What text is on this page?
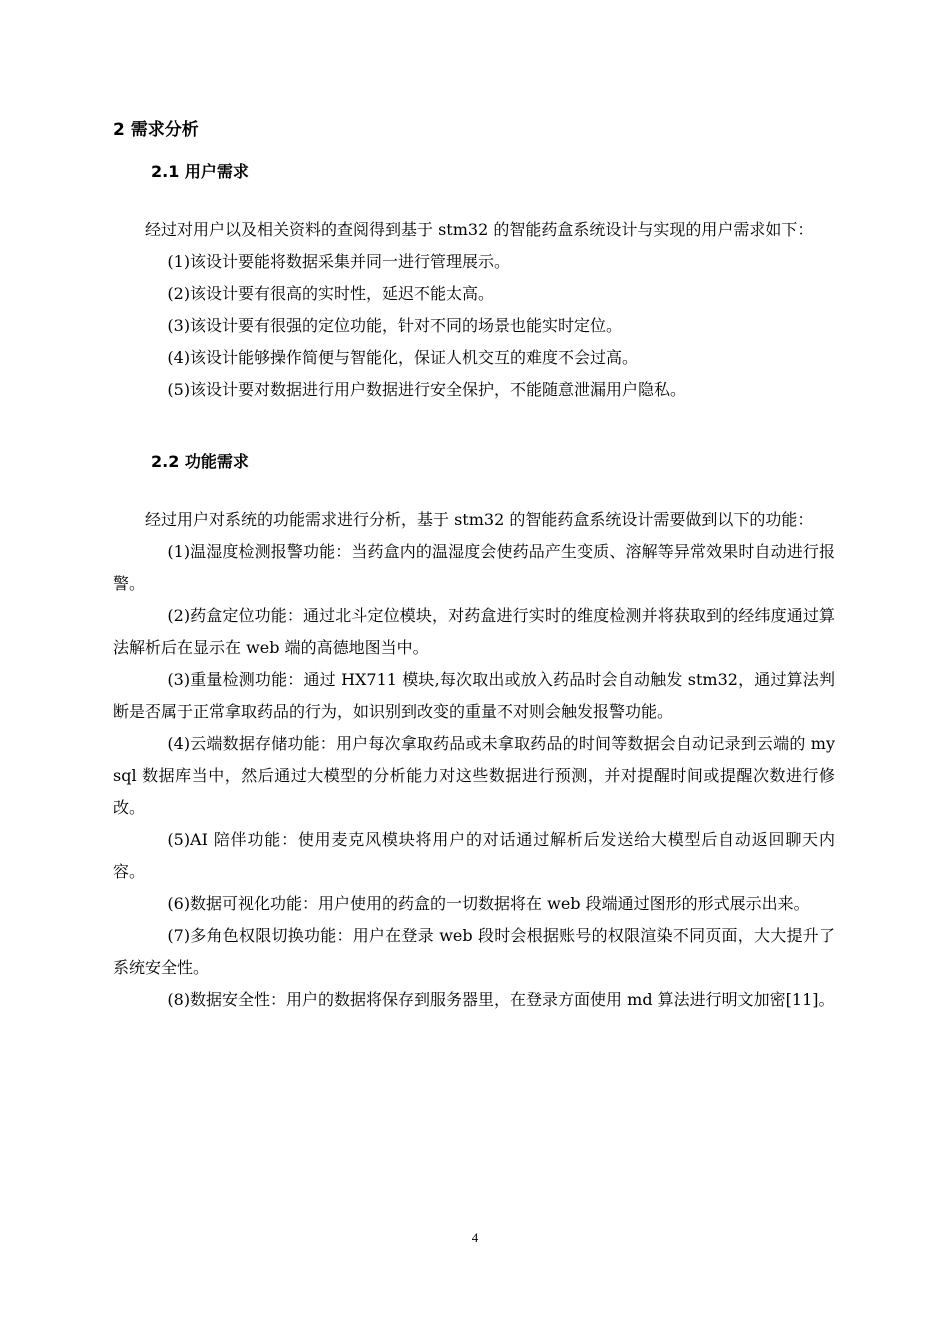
2 需求分析
2.1 用户需求

经过对用户以及相关资料的查阅得到基于 stm32 的智能药盒系统设计与实现的用户需求如下：

(1)该设计要能将数据采集并同一进行管理展示。

(2)该设计要有很高的实时性，延迟不能太高。

(3)该设计要有很强的定位功能，针对不同的场景也能实时定位。

(4)该设计能够操作简便与智能化，保证人机交互的难度不会过高。

(5)该设计要对数据进行用户数据进行安全保护，不能随意泄漏用户隐私。

2.2 功能需求

经过用户对系统的功能需求进行分析，基于 stm32 的智能药盒系统设计需要做到以下的功能：

(1)温湿度检测报警功能：当药盒内的温湿度会使药品产生变质、溶解等异常效果时自动进行报警。

(2)药盒定位功能：通过北斗定位模块，对药盒进行实时的维度检测并将获取到的经纬度通过算法解析后在显示在 web 端的高德地图当中。

(3)重量检测功能：通过 HX711 模块,每次取出或放入药品时会自动触发 stm32，通过算法判断是否属于正常拿取药品的行为，如识别到改变的重量不对则会触发报警功能。

(4)云端数据存储功能：用户每次拿取药品或未拿取药品的时间等数据会自动记录到云端的 mysql 数据库当中，然后通过大模型的分析能力对这些数据进行预测，并对提醒时间或提醒次数进行修改。

(5)AI 陪伴功能：使用麦克风模块将用户的对话通过解析后发送给大模型后自动返回聊天内容。

(6)数据可视化功能：用户使用的药盒的一切数据将在 web 段端通过图形的形式展示出来。

(7)多角色权限切换功能：用户在登录 web 段时会根据账号的权限渲染不同页面，大大提升了系统安全性。

(8)数据安全性：用户的数据将保存到服务器里，在登录方面使用 md 算法进行明文加密[11]。

4
